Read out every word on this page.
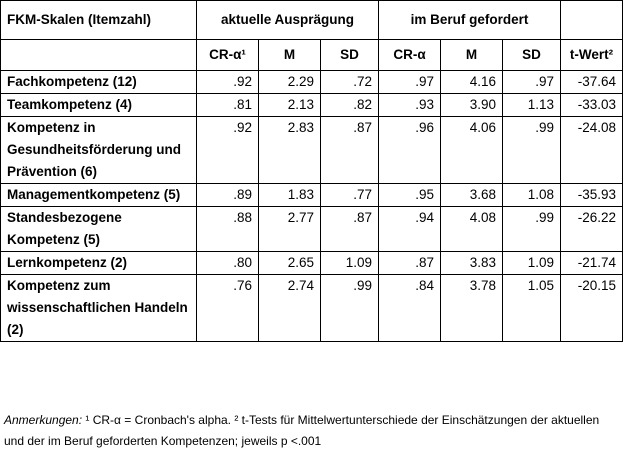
FKM-Skalen (Itemzahl)	aktuelle Ausprägung			im Beruf gefordert			
	CR-α¹	M	SD	CR-α	M	SD	t-Wert²
Fachkompetenz (12)	.92	2.29	.72	.97	4.16	.97	-37.64
Teamkompetenz (4)	.81	2.13	.82	.93	3.90	1.13	-33.03
Kompetenz in Gesundheitsförderung und Prävention (6)	.92	2.83	.87	.96	4.06	.99	-24.08
Managementkompetenz (5)	.89	1.83	.77	.95	3.68	1.08	-35.93
Standesbezogene Kompetenz (5)	.88	2.77	.87	.94	4.08	.99	-26.22
Lernkompetenz (2)	.80	2.65	1.09	.87	3.83	1.09	-21.74
Kompetenz zum wissenschaftlichen Handeln (2)	.76	2.74	.99	.84	3.78	1.05	-20.15
Anmerkungen: ¹ CR-α = Cronbach's alpha. ² t-Tests für Mittelwertunterschiede der Einschätzungen der aktuellen und der im Beruf geforderten Kompetenzen; jeweils p <.001
